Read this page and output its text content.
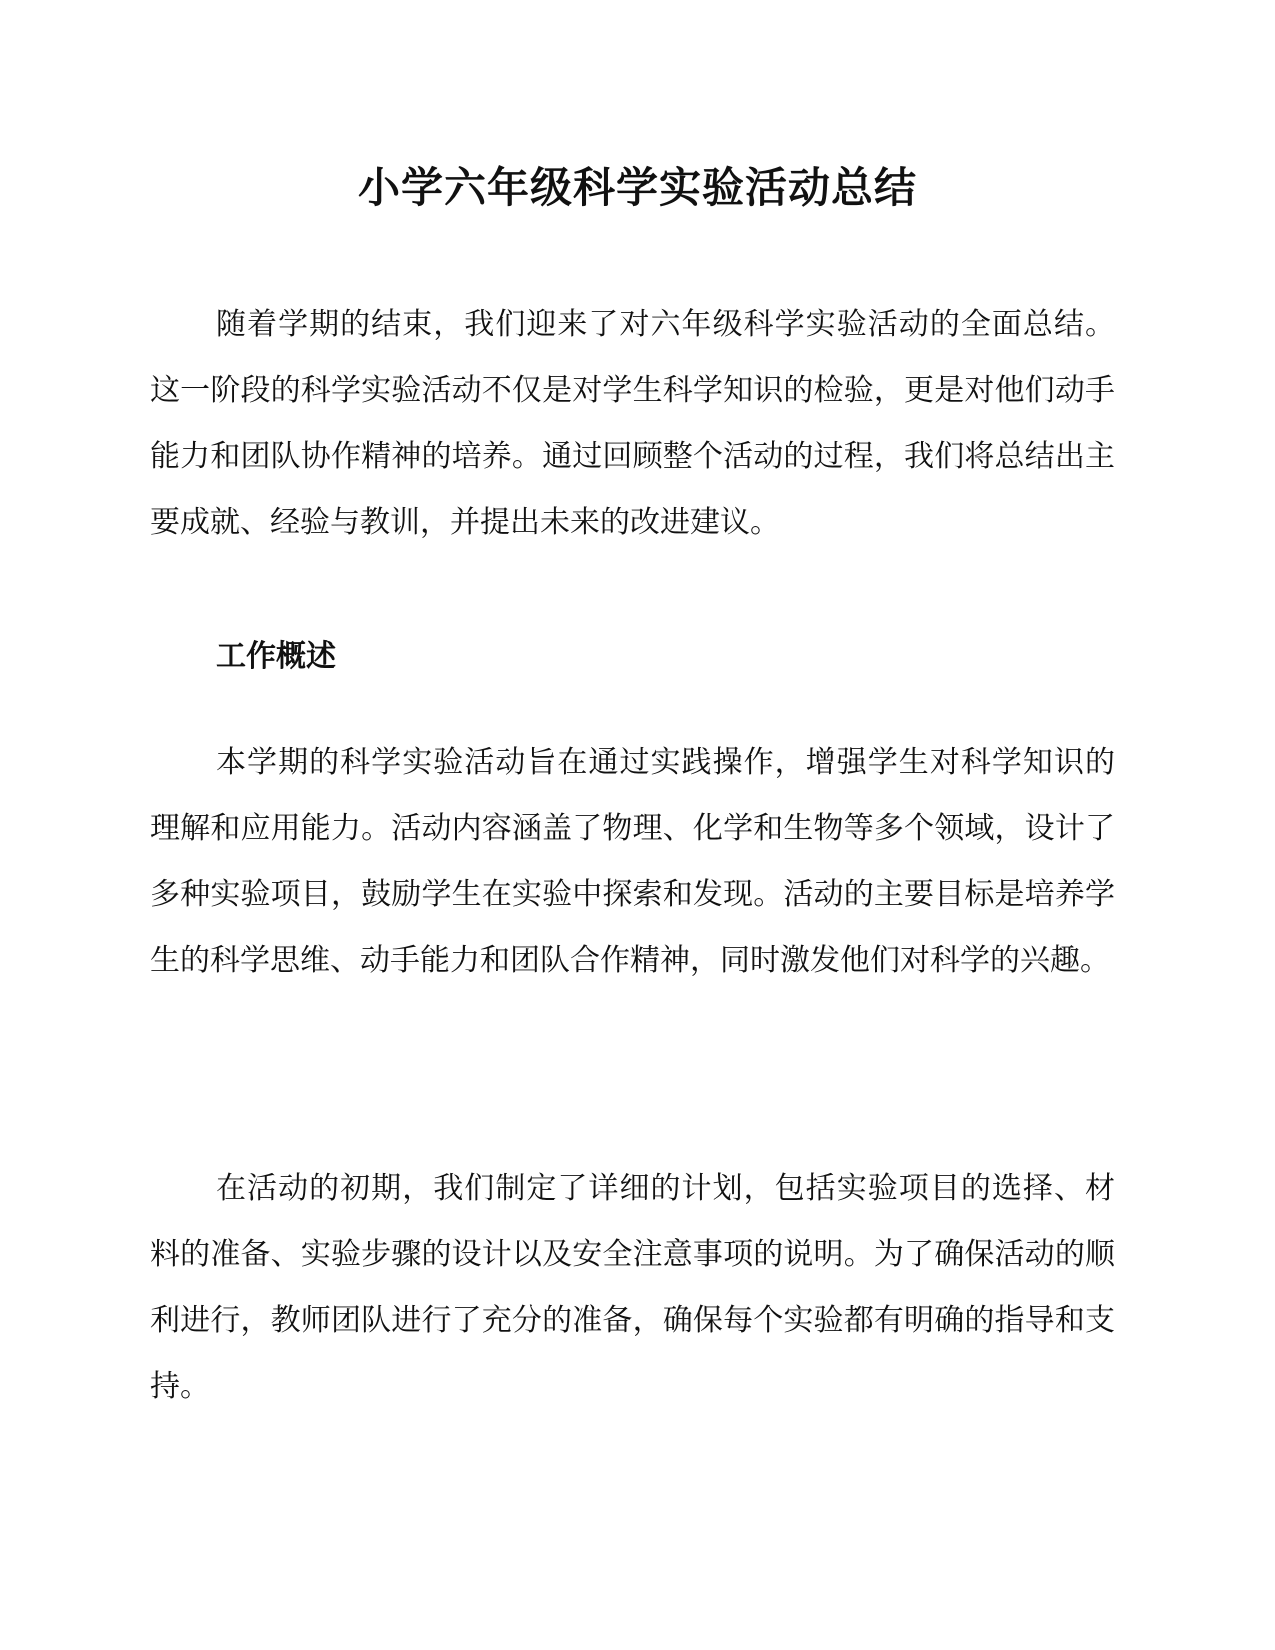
小学六年级科学实验活动总结

随着学期的结束，我们迎来了对六年级科学实验活动的全面总结。这一阶段的科学实验活动不仅是对学生科学知识的检验，更是对他们动手能力和团队协作精神的培养。通过回顾整个活动的过程，我们将总结出主要成就、经验与教训，并提出未来的改进建议。

工作概述

本学期的科学实验活动旨在通过实践操作，增强学生对科学知识的理解和应用能力。活动内容涵盖了物理、化学和生物等多个领域，设计了多种实验项目，鼓励学生在实验中探索和发现。活动的主要目标是培养学生的科学思维、动手能力和团队合作精神，同时激发他们对科学的兴趣。

在活动的初期，我们制定了详细的计划，包括实验项目的选择、材料的准备、实验步骤的设计以及安全注意事项的说明。为了确保活动的顺利进行，教师团队进行了充分的准备，确保每个实验都有明确的指导和支持。
